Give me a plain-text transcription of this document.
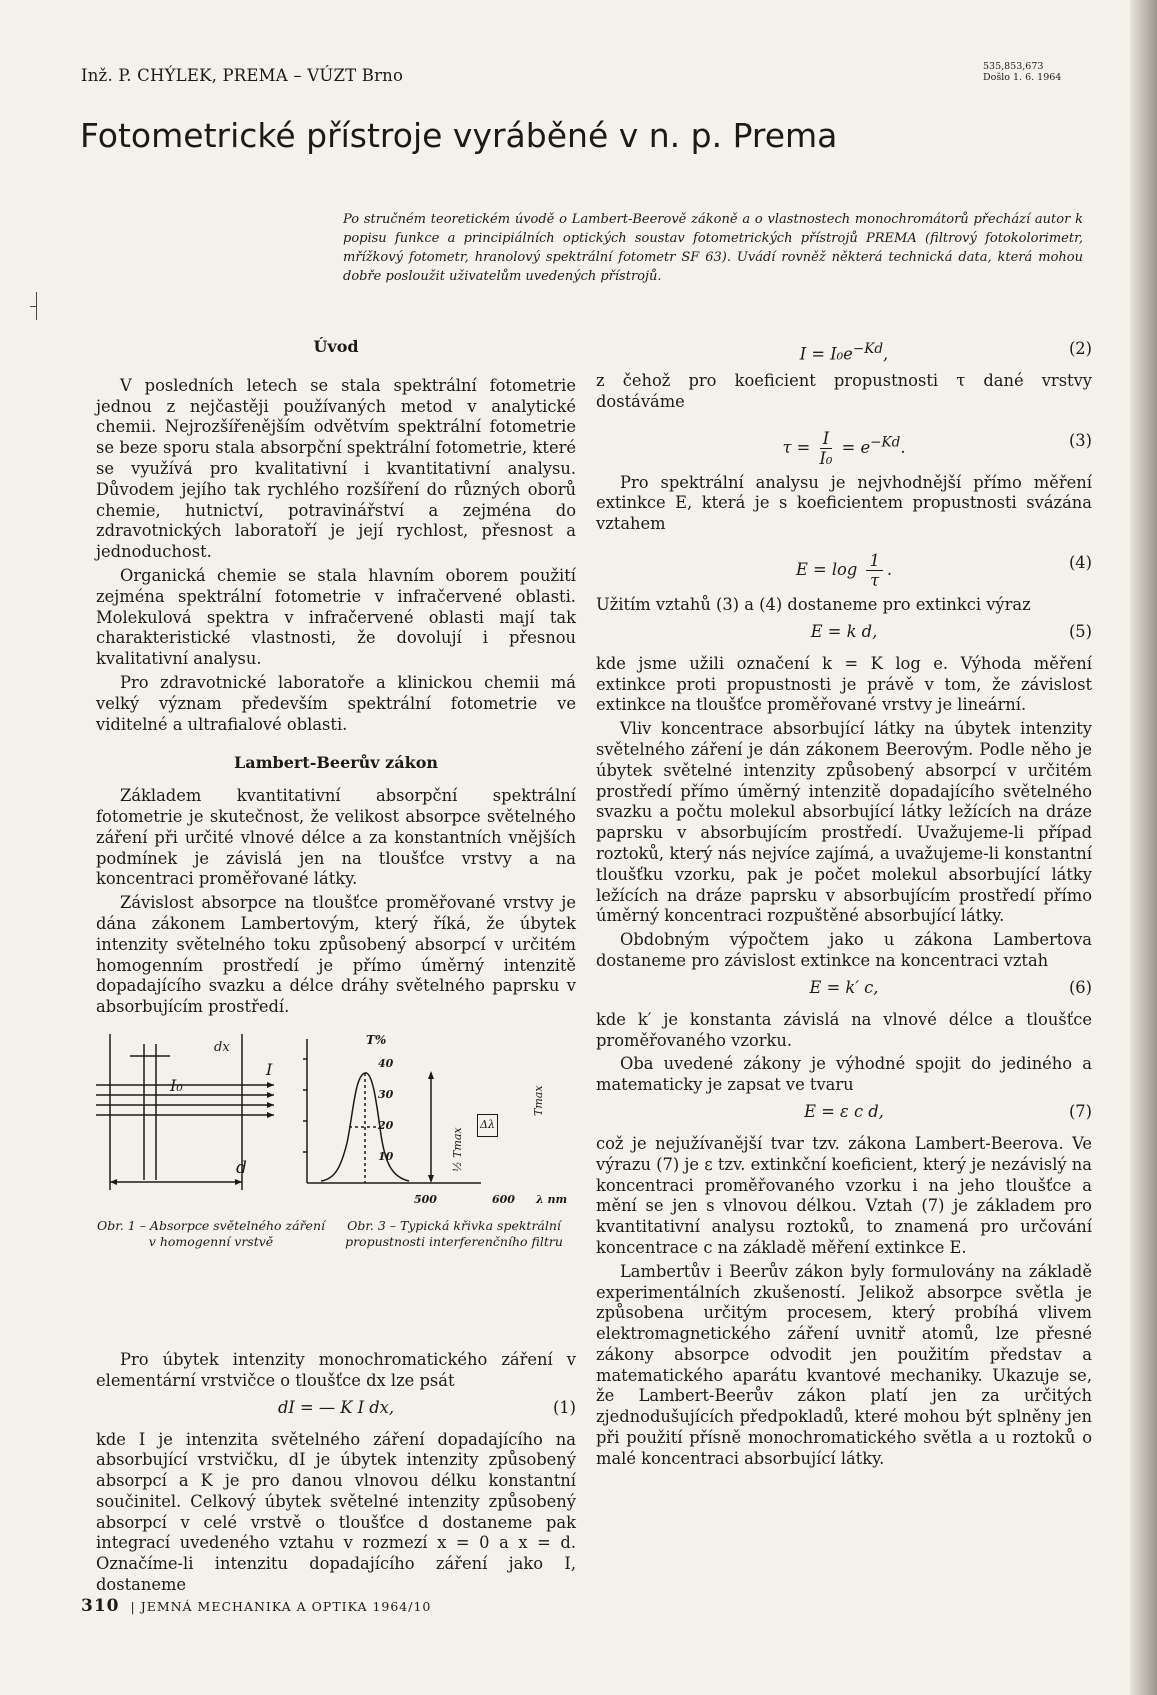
Inž. P. CHÝLEK, PREMA – VÚZT Brno	535,853,673
Došlo 1. 6. 1964
Fotometrické přístroje vyráběné v n. p. Prema

Po stručném teoretickém úvodě o Lambert-Beerově zákoně a o vlastnostech monochromátorů přechází autor k popisu funkce a principiálních optických soustav fotometrických přístrojů PREMA (filtrový fotokolorimetr, mřížkový fotometr, hranolový spektrální fotometr SF 63). Uvádí rovněž některá technická data, která mohou dobře posloužit uživatelům uvedených přístrojů.

Úvod

V posledních letech se stala spektrální fotometrie jednou z nejčastěji používaných metod v analytické chemii. Nejrozšířenějším odvětvím spektrální fotometrie se beze sporu stala absorpční spektrální fotometrie, které se využívá pro kvalitativní i kvantitativní analysu. Důvodem jejího tak rychlého rozšíření do různých oborů chemie, hutnictví, potravinářství a zejména do zdravotnických laboratoří je její rychlost, přesnost a jednoduchost.

Organická chemie se stala hlavním oborem použití zejména spektrální fotometrie v infračervené oblasti. Molekulová spektra v infračervené oblasti mají tak charakteristické vlastnosti, že dovolují i přesnou kvalitativní analysu.

Pro zdravotnické laboratoře a klinickou chemii má velký význam především spektrální fotometrie ve viditelné a ultrafialové oblasti.

Lambert-Beerův zákon

Základem kvantitativní absorpční spektrální fotometrie je skutečnost, že velikost absorpce světelného záření při určité vlnové délce a za konstantních vnějších podmínek je závislá jen na tloušťce vrstvy a na koncentraci proměřované látky.

Závislost absorpce na tloušťce proměřované vrstvy je dána zákonem Lambertovým, který říká, že úbytek intenzity světelného toku způsobený absorpcí v určitém homogenním prostředí je přímo úměrný intenzitě dopadajícího svazku a délce dráhy světelného paprsku v absorbujícím prostředí.

I₀
I
dx
d
Obr. 1 – Absorpce světelného záření v homogenní vrstvě
T%
40
30
20
10
500	600 λ nm
Tmax
½ Tmax
Δλ
Obr. 3 – Typická křivka spektrální propustnosti interferenčního filtru

Pro úbytek intenzity monochromatického záření v elementární vrstvičce o tloušťce dx lze psát

dI = — K I dx,	(1)

kde I je intenzita světelného záření dopadajícího na absorbující vrstvičku, dI je úbytek intenzity způsobený absorpcí a K je pro danou vlnovou délku konstantní součinitel. Celkový úbytek světelné intenzity způsobený absorpcí v celé vrstvě o tloušťce d dostaneme pak integrací uvedeného vztahu v rozmezí x = 0 a x = d. Označíme-li intenzitu dopadajícího záření jako I, dostaneme

$I = I_0e^{-Kd}$,	(2)

z čehož pro koeficient propustnosti τ dané vrstvy dostáváme

$\tau = \frac{I}{\text{I₀}} = e^{-Kd}$.	(3)

Pro spektrální analysu je nejvhodnější přímo měření extinkce E, která je s koeficientem propustnosti svázána vztahem

$E = \log \frac{1}{\tau}$ .	(4)

Užitím vztahů (3) a (4) dostaneme pro extinkci výraz

E = k d,	(5)

kde jsme užili označení k = K log e. Výhoda měření extinkce proti propustnosti je právě v tom, že závislost extinkce na tloušťce proměřované vrstvy je lineární.

Vliv koncentrace absorbující látky na úbytek intenzity světelného záření je dán zákonem Beerovým. Podle něho je úbytek světelné intenzity způsobený absorpcí v určitém prostředí přímo úměrný intenzitě dopadajícího světelného svazku a počtu molekul absorbující látky ležících na dráze paprsku v absorbujícím prostředí. Uvažujeme-li případ roztoků, který nás nejvíce zajímá, a uvažujeme-li konstantní tloušťku vzorku, pak je počet molekul absorbující látky ležících na dráze paprsku v absorbujícím prostředí přímo úměrný koncentraci rozpuštěné absorbující látky.

Obdobným výpočtem jako u zákona Lambertova dostaneme pro závislost extinkce na koncentraci vztah

E = k′ c,	(6)

kde k′ je konstanta závislá na vlnové délce a tloušťce proměřovaného vzorku.

Oba uvedené zákony je výhodné spojit do jediného a matematicky je zapsat ve tvaru

E = ε c d,	(7)

což je nejužívanější tvar tzv. zákona Lambert-Beerova. Ve výrazu (7) je ε tzv. extinkční koeficient, který je nezávislý na koncentraci proměřovaného vzorku i na jeho tloušťce a mění se jen s vlnovou délkou. Vztah (7) je základem pro kvantitativní analysu roztoků, to znamená pro určování koncentrace c na základě měření extinkce E.

Lambertův i Beerův zákon byly formulovány na základě experimentálních zkušeností. Jelikož absorpce světla je způsobena určitým procesem, který probíhá vlivem elektromagnetického záření uvnitř atomů, lze přesné zákony absorpce odvodit jen použitím představ a matematického aparátu kvantové mechaniky. Ukazuje se, že Lambert-Beerův zákon platí jen za určitých zjednodušujících předpokladů, které mohou být splněny jen při použití přísně monochromatického světla a u roztoků o malé koncentraci absorbující látky.

310 | JEMNÁ MECHANIKA A OPTIKA 1964/10
